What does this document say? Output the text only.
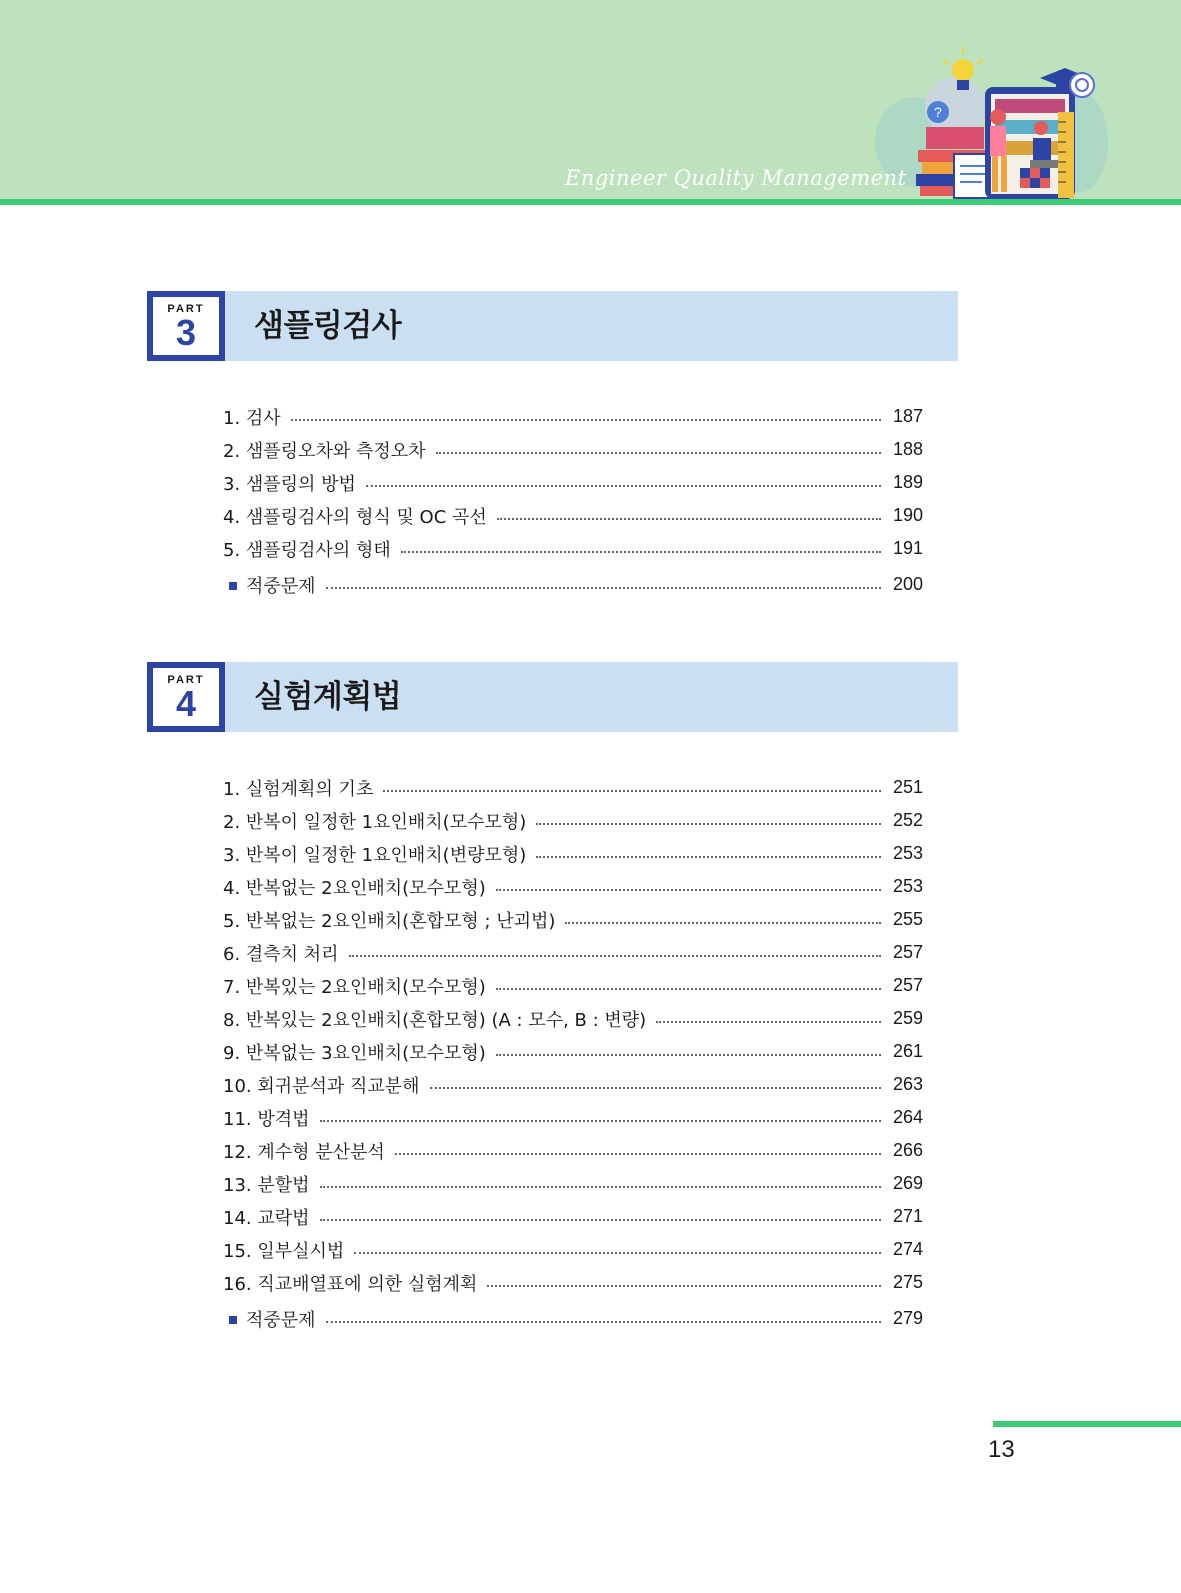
?
Engineer Quality Management
PART
3	샘플링검사
1. 검사	187
2. 샘플링오차와 측정오차	188
3. 샘플링의 방법	189
4. 샘플링검사의 형식 및 OC 곡선	190
5. 샘플링검사의 형태	191
적중문제	200
PART
4	실험계획법
1. 실험계획의 기초	251
2. 반복이 일정한 1요인배치(모수모형)	252
3. 반복이 일정한 1요인배치(변량모형)	253
4. 반복없는 2요인배치(모수모형)	253
5. 반복없는 2요인배치(혼합모형 ; 난괴법)	255
6. 결측치 처리	257
7. 반복있는 2요인배치(모수모형)	257
8. 반복있는 2요인배치(혼합모형) (A : 모수, B : 변량)	259
9. 반복없는 3요인배치(모수모형)	261
10. 회귀분석과 직교분해	263
11. 방격법	264
12. 계수형 분산분석	266
13. 분할법	269
14. 교락법	271
15. 일부실시법	274
16. 직교배열표에 의한 실험계획	275
적중문제	279
13
